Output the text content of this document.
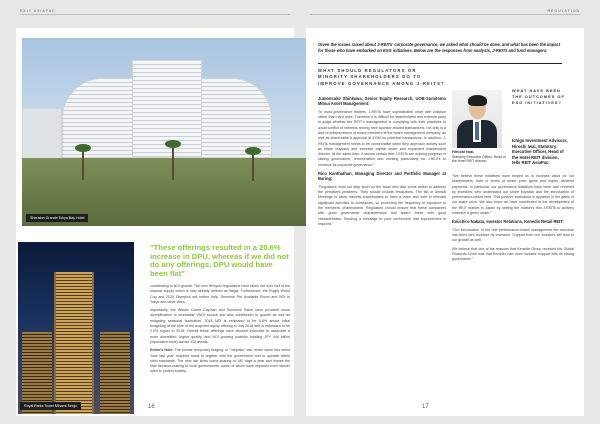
REIT ASIAPAC	REGULATION
Sheraton Grande Tokyo Bay Hotel
Royal Parks Tower Minami Senju
"These offerings resulted in a 20.6% increase in DPU, whereas if we did not do any offerings, DPU would have been flat"

contributing to NOI growth. The new Hiroyuki regulations have taken out over half of the shadow supply which is now already defined as illegal. Furthermore, the Rugby World Cup and 2020 Olympics will further help. Revenue Per Available Room and NOI in Tokyo and other cities.

Importantly, the Westin Grand Cayman and Sunshine Salon have provided some diversification to investable VNOI source and also contributed to growth as well as mitigating seasonal fluctuation. 2018 NOI is estimated to be 0.8% above initial budgeting at the time of the acquired equity offering in July 2018 and is estimated to be 2.0% higher in 2019. Overall these offerings have allowed Invincible to assemble a more diversified, higher quality, and NOI growing portfolio totalling JPY 446 billion (equivalent book) across 132 assets.

Editor's Note: The private temporary lodging, or "minpaku" law, which came into effect June last year, requires hosts to register with the government and to operate within strict standards. The new law limits home-sharing to 180 days a year and leaves the final decision-making to local governments, some of which have imposed even stricter rules to protect society.

16
Given the issues raised about J-REITs' corporate governance, we asked what should be done, and what has been the impact for those who have embarked on ESG initiatives. Below are the responses from analysts, J-REITs and fund managers:
WHAT SHOULD REGULATORS OR MINORITY SHAREHOLDERS DO TO IMPROVE GOVERNANCE AMONG J-REITS?

Jumonsuke Shinkawa, Senior Equity Research, UOB-Sumitomo Mitsui Asset Management:

"In most governance matters, J-REITs have sophisticated order with criticism rather than hard rules. Therefore it is difficult for shareholders and external party to judge whether the REIT's management is complying with their practices to avoid conflict of interests among their sponsor-related transactions, not only in a lack of independence of board members at the board management company, as well as shareholder's approval at EGM for potential transactions. In addition, J-REITs management needs to be conservative when they approach activity such as share buyback and increase capital share and expanded independent director. At the same time, it seems certain that J-REITs are making progress in raising governance, remuneration and working particularly for J-REITs to enhance its corporate governance."

Rico Kanthathan, Managing Director and Portfolio Manager at Baring:

"Regulators must not step short on the issue and take some action to address the persistent problems. They should include resolutions. The list of Annual Meetings to allow minority shareholders to have a voice and vote in relevant significant activities to companies, so protecting the frequency of exposure to the members' shareholders. Regulators should ensure that these companies with good governance characteristics and award these with good characteristics. Sending a message to poor performers that improvement is required."

Hiroshi Iwai,
Statutory Executive Officer, Head of the Hotel REIT division
WHAT HAVE BEEN THE OUTCOMES OF ESG INITIATIVES?
Ichigo Investment Advisors, Hiroshi Iwai, Statutory Executive Officer, Head of the Hotel REIT division, tells REIT AsiaPac:

"We believe these initiatives have helped us to increase value for our shareholders, both in terms of share price gains and higher dividend payments. In particular, our governance initiatives have been well received by investors, who understand our share buyback and the introduction of performance-based fees. This positive evaluation is apparent in the gains in our share price. We also hope we have contributed to the development of the REIT market in Japan by setting the market's first J-REITs to actively embrace a green share."

Keiichiro Nakata, Investor Relations, Kenedix Retail REIT:

"Our introduction of the unit performance-linked management fee structure has been well received by investors. Support from our investors will lead to our growth as well.

We believe that one of the reasons that Kenedix Group received the Global Financial Crisis was that Kenedix had more investor support with its strong governance."

17
